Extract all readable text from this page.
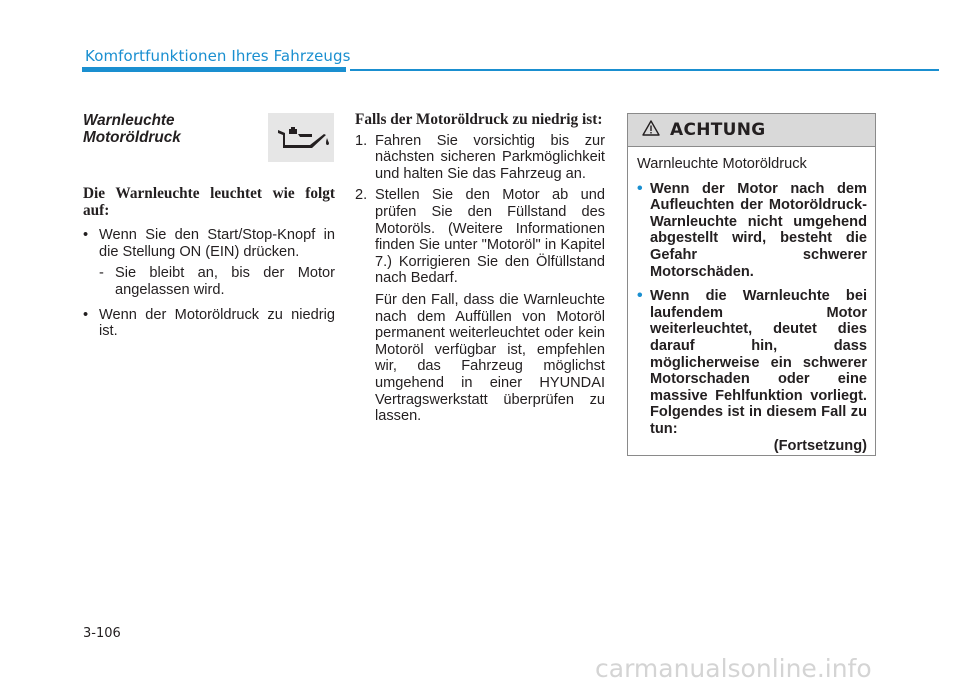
Komfortfunktionen Ihres Fahrzeugs
Warnleuchte Motoröldruck
Die Warnleuchte leuchtet wie folgt auf:
• Wenn Sie den Start/Stop-Knopf in die Stellung ON (EIN) drücken.
- Sie bleibt an, bis der Motor angelassen wird.
• Wenn der Motoröldruck zu niedrig ist.
Falls der Motoröldruck zu niedrig ist:
1. Fahren Sie vorsichtig bis zur nächsten sicheren Parkmöglichkeit und halten Sie das Fahrzeug an.
2. Stellen Sie den Motor ab und prüfen Sie den Füllstand des Motoröls. (Weitere Informationen finden Sie unter "Motoröl" in Kapitel 7.) Korrigieren Sie den Ölfüllstand nach Bedarf.
Für den Fall, dass die Warnleuchte nach dem Auffüllen von Motoröl permanent weiterleuchtet oder kein Motoröl verfügbar ist, empfehlen wir, das Fahrzeug möglichst umgehend in einer HYUNDAI Vertragswerkstatt überprüfen zu lassen.
ACHTUNG
Warnleuchte Motoröldruck
• Wenn der Motor nach dem Aufleuchten der Motoröldruck-Warnleuchte nicht umgehend abgestellt wird, besteht die Gefahr schwerer Motorschäden.
• Wenn die Warnleuchte bei laufendem Motor weiterleuchtet, deutet dies darauf hin, dass möglicherweise ein schwerer Motorschaden oder eine massive Fehlfunktion vorliegt. Folgendes ist in diesem Fall zu tun:
(Fortsetzung)
3-106
carmanualsonline.info
